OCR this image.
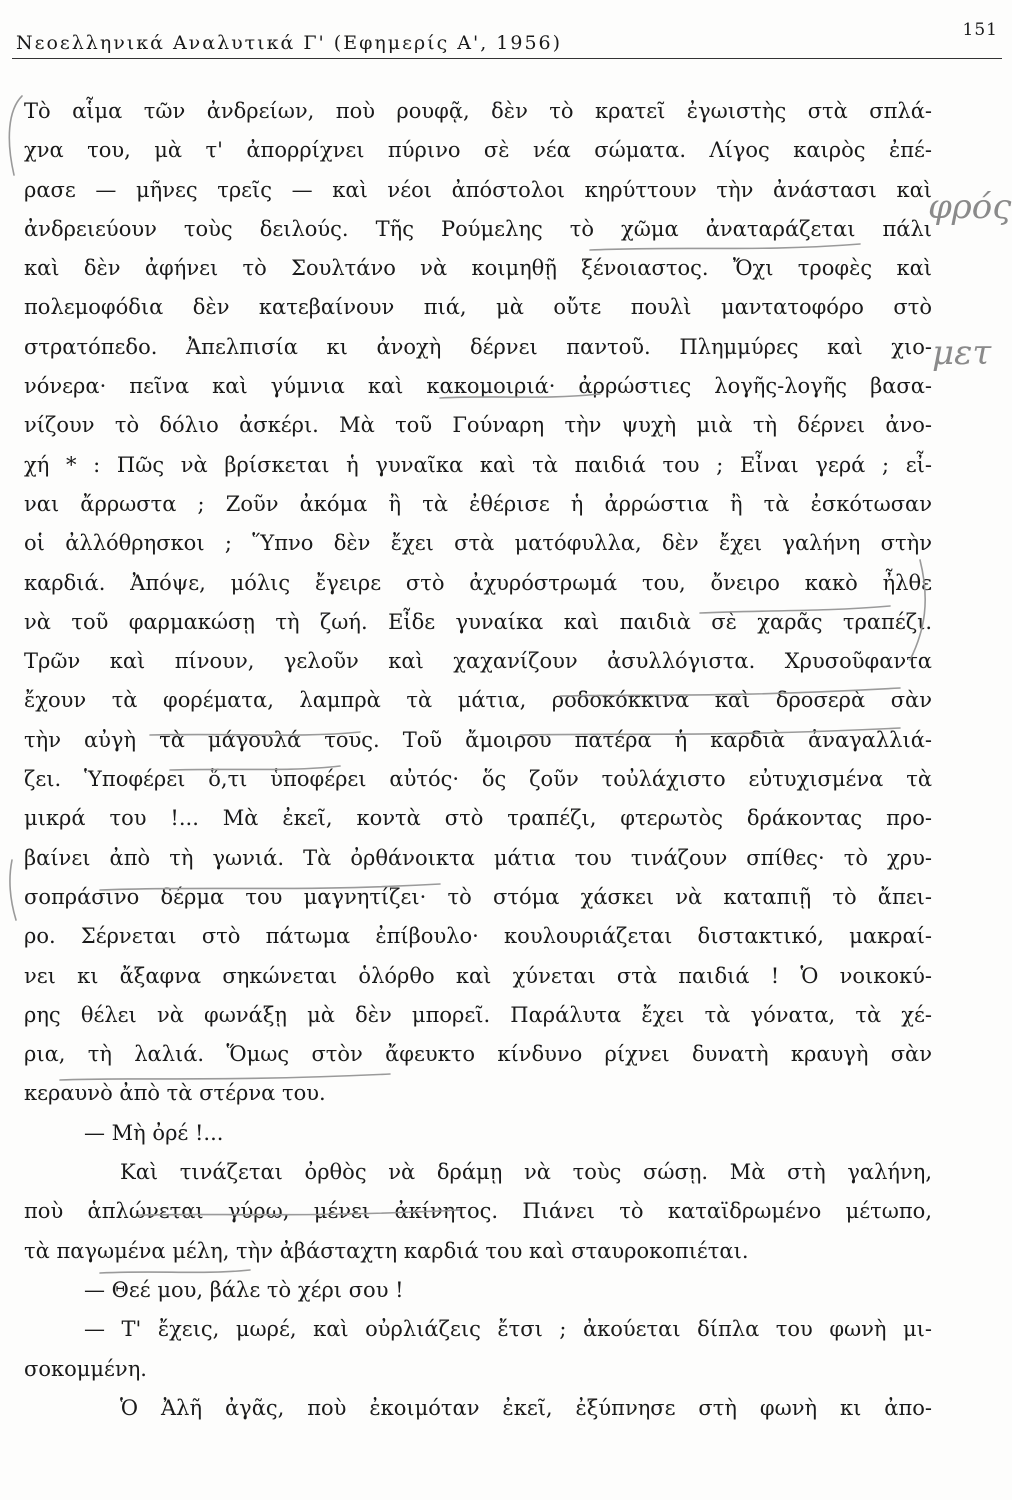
Νεοελληνικά Αναλυτικά Γ' (Εφημερίς Α', 1956)
151
Τὸ αἷμα τῶν ἀνδρείων, ποὺ ρουφᾷ, δὲν τὸ κρατεῖ ἐγωιστὴς στὰ σπλά-
χνα του, μὰ τ' ἀπορρίχνει πύρινο σὲ νέα σώματα. Λίγος καιρὸς ἐπέ-
ρασε — μῆνες τρεῖς — καὶ νέοι ἀπόστολοι κηρύττουν τὴν ἀνάστασι καὶ
ἀνδρειεύουν τοὺς δειλούς. Τῆς Ρούμελης τὸ χῶμα ἀναταράζεται πάλι
καὶ δὲν ἀφήνει τὸ Σουλτάνο νὰ κοιμηθῇ ξένοιαστος. Ὄχι τροφὲς καὶ
πολεμοφόδια δὲν κατεβαίνουν πιά, μὰ οὔτε πουλὶ μαντατοφόρο στὸ
στρατόπεδο. Ἀπελπισία κι ἀνοχὴ δέρνει παντοῦ. Πλημμύρες καὶ χιο-
νόνερα· πεῖνα καὶ γύμνια καὶ κακομοιριά· ἀρρώστιες λογῆς-λογῆς βασα-
νίζουν τὸ δόλιο ἀσκέρι. Μὰ τοῦ Γούναρη τὴν ψυχὴ μιὰ τὴ δέρνει ἀνο-
χή * : Πῶς νὰ βρίσκεται ἡ γυναῖκα καὶ τὰ παιδιά του ; Εἶναι γερά ; εἶ-
ναι ἄρρωστα ; Ζοῦν ἀκόμα ἢ τὰ ἐθέρισε ἡ ἀρρώστια ἢ τὰ ἐσκότωσαν
οἱ ἀλλόθρησκοι ; Ὕπνο δὲν ἔχει στὰ ματόφυλλα, δὲν ἔχει γαλήνη στὴν
καρδιά. Ἀπόψε, μόλις ἔγειρε στὸ ἀχυρόστρωμά του, ὄνειρο κακὸ ἦλθε
νὰ τοῦ φαρμακώσῃ τὴ ζωή. Εἶδε γυναίκα καὶ παιδιὰ σὲ χαρᾶς τραπέζι.
Τρῶν καὶ πίνουν, γελοῦν καὶ χαχανίζουν ἀσυλλόγιστα. Χρυσοῦφαντα
ἔχουν τὰ φορέματα, λαμπρὰ τὰ μάτια, ροδοκόκκινα καὶ δροσερὰ σὰν
τὴν αὐγὴ τὰ μάγουλά τους. Τοῦ ἄμοιρου πατέρα ἡ καρδιὰ ἀναγαλλιά-
ζει. Ὑποφέρει ὅ,τι ὑποφέρει αὐτός· ὅς ζοῦν τοὐλάχιστο εὐτυχισμένα τὰ
μικρά του !... Μὰ ἐκεῖ, κοντὰ στὸ τραπέζι, φτερωτὸς δράκοντας προ-
βαίνει ἀπὸ τὴ γωνιά. Τὰ ὀρθάνοικτα μάτια του τινάζουν σπίθες· τὸ χρυ-
σοπράσινο δέρμα του μαγνητίζει· τὸ στόμα χάσκει νὰ καταπιῇ τὸ ἄπει-
ρο. Σέρνεται στὸ πάτωμα ἐπίβουλο· κουλουριάζεται διστακτικό, μακραί-
νει κι ἄξαφνα σηκώνεται ὁλόρθο καὶ χύνεται στὰ παιδιά ! Ὁ νοικοκύ-
ρης θέλει νὰ φωνάξῃ μὰ δὲν μπορεῖ. Παράλυτα ἔχει τὰ γόνατα, τὰ χέ-
ρια, τὴ λαλιά. Ὅμως στὸν ἄφευκτο κίνδυνο ρίχνει δυνατὴ κραυγὴ σὰν
κεραυνὸ ἀπὸ τὰ στέρνα του.
— Μὴ ὀρέ !...
Καὶ τινάζεται ὀρθὸς νὰ δράμῃ νὰ τοὺς σώσῃ. Μὰ στὴ γαλήνη,
ποὺ ἁπλώνεται γύρω, μένει ἀκίνητος. Πιάνει τὸ καταϊδρωμένο μέτωπο,
τὰ παγωμένα μέλη, τὴν ἀβάσταχτη καρδιά του καὶ σταυροκοπιέται.
— Θεέ μου, βάλε τὸ χέρι σου !
— Τ' ἔχεις, μωρέ, καὶ οὐρλιάζεις ἔτσι ; ἀκούεται δίπλα του φωνὴ μι-
σοκομμένη.
Ὁ Ἀλῆ ἀγᾶς, ποὺ ἐκοιμόταν ἐκεῖ, ἐξύπνησε στὴ φωνὴ κι ἀπο-
φρός
μετ
